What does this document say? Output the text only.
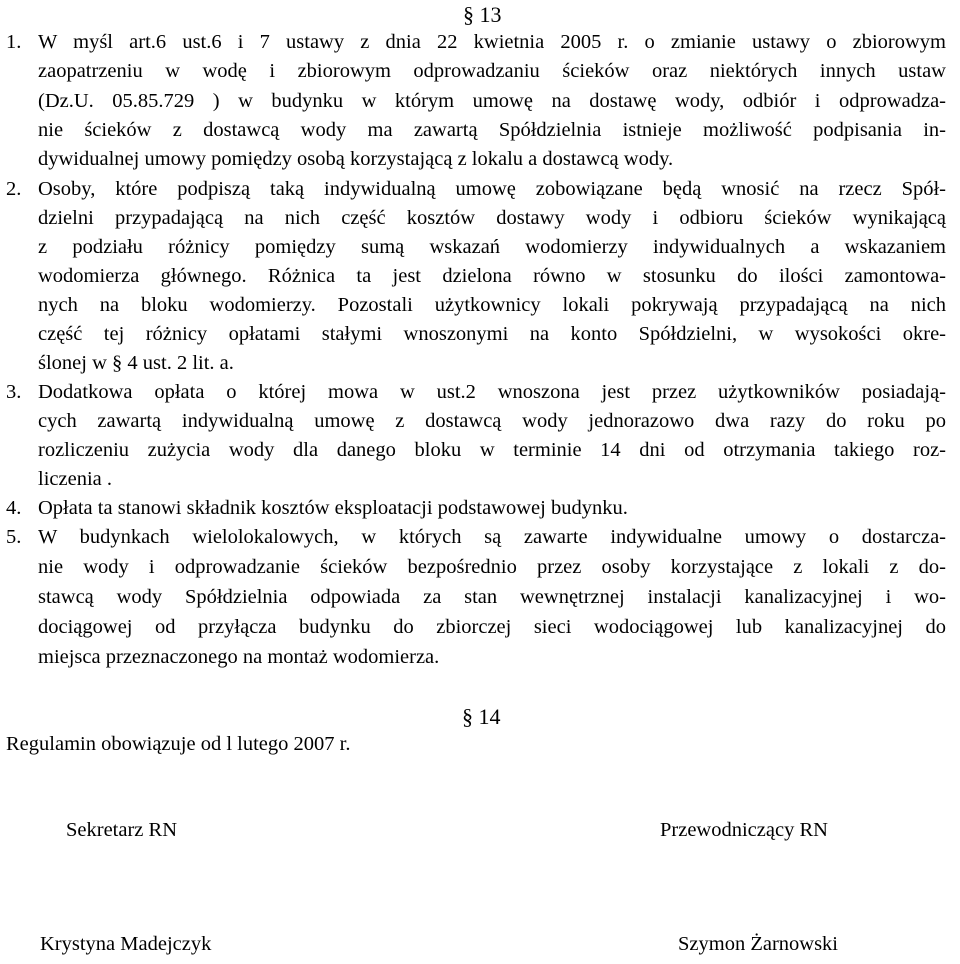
§ 13
1. W myśl art.6 ust.6 i 7 ustawy z dnia 22 kwietnia 2005 r. o zmianie ustawy o zbiorowym
zaopatrzeniu w wodę i zbiorowym odprowadzaniu ścieków oraz niektórych innych ustaw
(Dz.U. 05.85.729 ) w budynku w którym umowę na dostawę wody, odbiór i odprowadza-
nie ścieków z dostawcą wody ma zawartą Spółdzielnia istnieje możliwość podpisania in-
dywidualnej umowy pomiędzy osobą korzystającą z lokalu a dostawcą wody.
2. Osoby, które podpiszą taką indywidualną umowę zobowiązane będą wnosić na rzecz Spół-
dzielni przypadającą na nich część kosztów dostawy wody i odbioru ścieków wynikającą
z podziału różnicy pomiędzy sumą wskazań wodomierzy indywidualnych a wskazaniem
wodomierza głównego. Różnica ta jest dzielona równo w stosunku do ilości zamontowa-
nych na bloku wodomierzy. Pozostali użytkownicy lokali pokrywają przypadającą na nich
część tej różnicy opłatami stałymi wnoszonymi na konto Spółdzielni, w wysokości okre-
ślonej w § 4 ust. 2 lit. a.
3. Dodatkowa opłata o której mowa w ust.2 wnoszona jest przez użytkowników posiadają-
cych zawartą indywidualną umowę z dostawcą wody jednorazowo dwa razy do roku po
rozliczeniu zużycia wody dla danego bloku w terminie 14 dni od otrzymania takiego roz-
liczenia .
4. Opłata ta stanowi składnik kosztów eksploatacji podstawowej budynku.
5. W budynkach wielolokalowych, w których są zawarte indywidualne umowy o dostarcza-
nie wody i odprowadzanie ścieków bezpośrednio przez osoby korzystające z lokali z do-
stawcą wody Spółdzielnia odpowiada za stan wewnętrznej instalacji kanalizacyjnej i wo-
dociągowej od przyłącza budynku do zbiorczej sieci wodociągowej lub kanalizacyjnej do
miejsca przeznaczonego na montaż wodomierza.
§ 14
Regulamin obowiązuje od l lutego 2007 r.
Sekretarz RN	Przewodniczący RN
Krystyna Madejczyk	Szymon Żarnowski
